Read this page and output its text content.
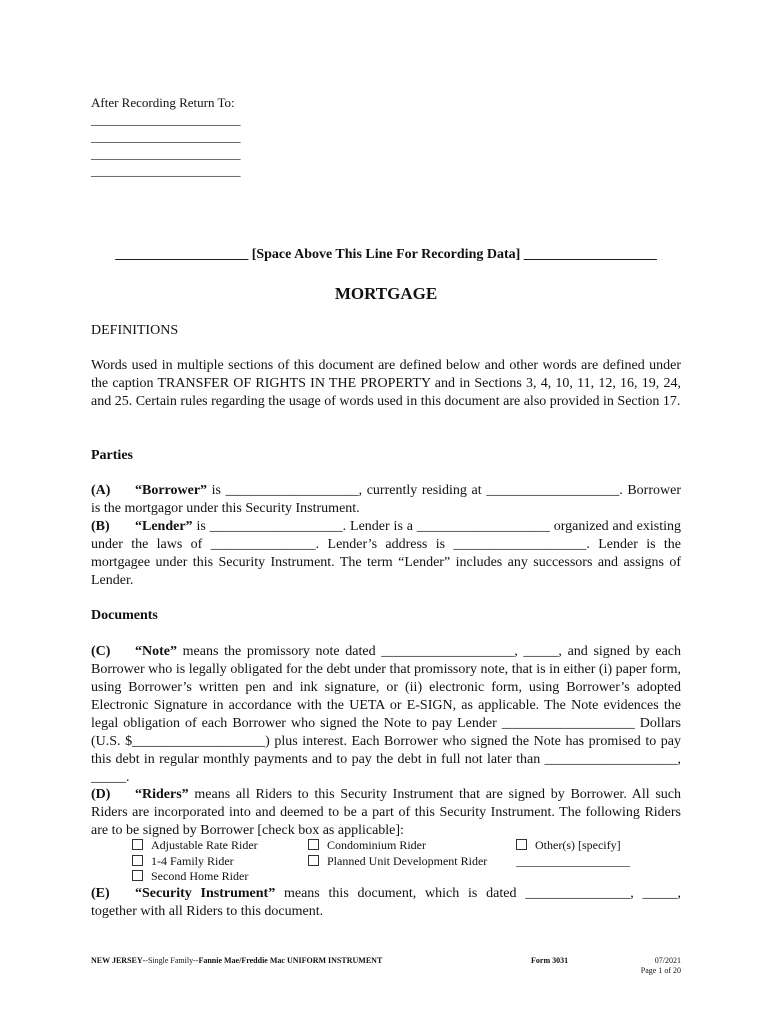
After Recording Return To:
_______________________
_______________________
_______________________
_______________________
___________________ [Space Above This Line For Recording Data] ___________________
MORTGAGE
DEFINITIONS
Words used in multiple sections of this document are defined below and other words are defined under the caption TRANSFER OF RIGHTS IN THE PROPERTY and in Sections 3, 4, 10, 11, 12, 16, 19, 24, and 25. Certain rules regarding the usage of words used in this document are also provided in Section 17.
Parties
(A) “Borrower” is ___________________, currently residing at ___________________. Borrower is the mortgagor under this Security Instrument.
(B) “Lender” is ___________________. Lender is a ___________________ organized and existing under the laws of _______________. Lender’s address is ___________________. Lender is the mortgagee under this Security Instrument. The term “Lender” includes any successors and assigns of Lender.
Documents
(C) “Note” means the promissory note dated ___________________, _____, and signed by each Borrower who is legally obligated for the debt under that promissory note, that is in either (i) paper form, using Borrower’s written pen and ink signature, or (ii) electronic form, using Borrower’s adopted Electronic Signature in accordance with the UETA or E-SIGN, as applicable. The Note evidences the legal obligation of each Borrower who signed the Note to pay Lender ___________________ Dollars (U.S. $___________________) plus interest. Each Borrower who signed the Note has promised to pay this debt in regular monthly payments and to pay the debt in full not later than ___________________, _____.
(D) “Riders” means all Riders to this Security Instrument that are signed by Borrower. All such Riders are incorporated into and deemed to be a part of this Security Instrument. The following Riders are to be signed by Borrower [check box as applicable]:
Adjustable Rate Rider	Condominium Rider	Other(s) [specify]
1-4 Family Rider	Planned Unit Development Rider ___________________
Second Home Rider
(E) “Security Instrument” means this document, which is dated _______________, _____, together with all Riders to this document.
NEW JERSEY--Single Family--Fannie Mae/Freddie Mac UNIFORM INSTRUMENT	Form 3031	07/2021
Page 1 of 20
